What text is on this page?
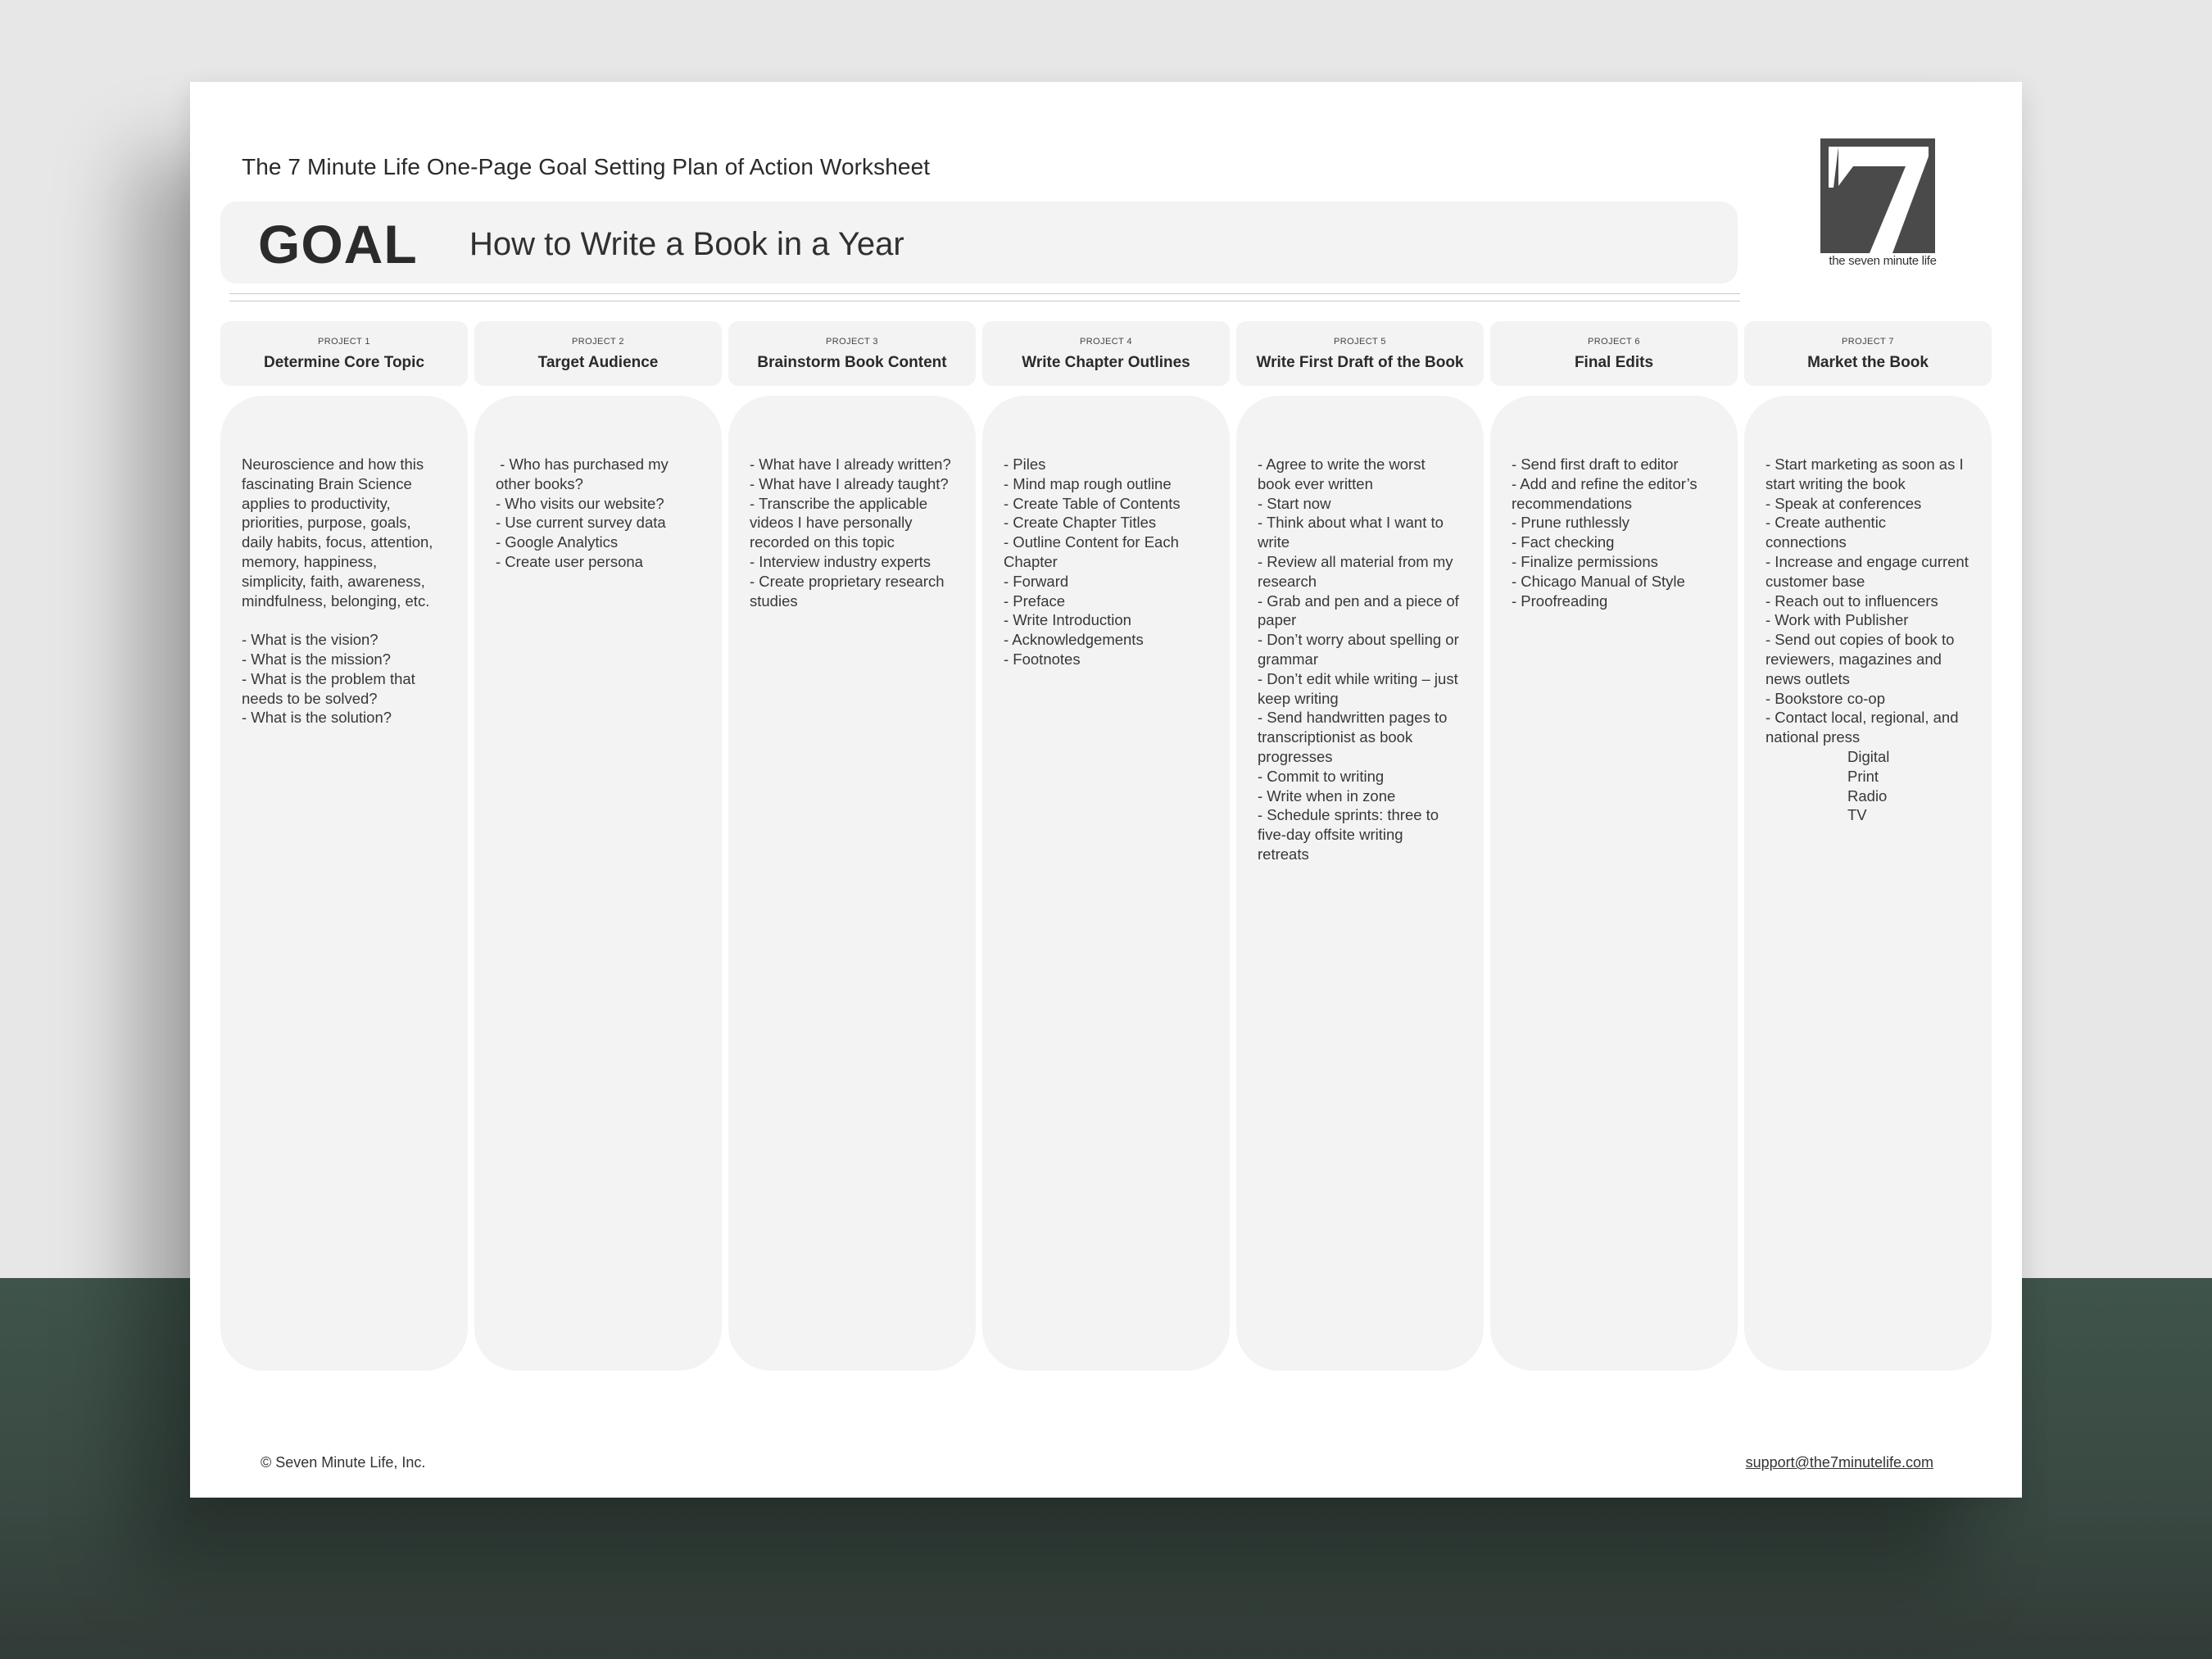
The 7 Minute Life One-Page Goal Setting Plan of Action Worksheet
GOAL How to Write a Book in a Year	the seven minute life
PROJECT 1
Determine Core Topic
PROJECT 2
Target Audience
PROJECT 3
Brainstorm Book Content
PROJECT 4
Write Chapter Outlines
PROJECT 5
Write First Draft of the Book
PROJECT 6
Final Edits
PROJECT 7
Market the Book
Neuroscience and how this
fascinating Brain Science
applies to productivity,
priorities, purpose, goals,
daily habits, focus, attention,
memory, happiness,
simplicity, faith, awareness,
mindfulness, belonging, etc.
- What is the vision?
- What is the mission?
- What is the problem that
needs to be solved?
- What is the solution?
- Who has purchased my
other books?
- Who visits our website?
- Use current survey data
- Google Analytics
- Create user persona
- What have I already written?
- What have I already taught?
- Transcribe the applicable
videos I have personally
recorded on this topic
- Interview industry experts
- Create proprietary research
studies
- Piles
- Mind map rough outline
- Create Table of Contents
- Create Chapter Titles
- Outline Content for Each
Chapter
- Forward
- Preface
- Write Introduction
- Acknowledgements
- Footnotes
- Agree to write the worst
book ever written
- Start now
- Think about what I want to
write
- Review all material from my
research
- Grab and pen and a piece of
paper
- Don’t worry about spelling or
grammar
- Don’t edit while writing – just
keep writing
- Send handwritten pages to
transcriptionist as book
progresses
- Commit to writing
- Write when in zone
- Schedule sprints: three to
five-day offsite writing
retreats
- Send first draft to editor
- Add and refine the editor’s
recommendations
- Prune ruthlessly
- Fact checking
- Finalize permissions
- Chicago Manual of Style
- Proofreading
- Start marketing as soon as I
start writing the book
- Speak at conferences
- Create authentic
connections
- Increase and engage current
customer base
- Reach out to influencers
- Work with Publisher
- Send out copies of book to
reviewers, magazines and
news outlets
- Bookstore co-op
- Contact local, regional, and
national press
Digital
Print
Radio
TV
© Seven Minute Life, Inc.	support@the7minutelife.com
